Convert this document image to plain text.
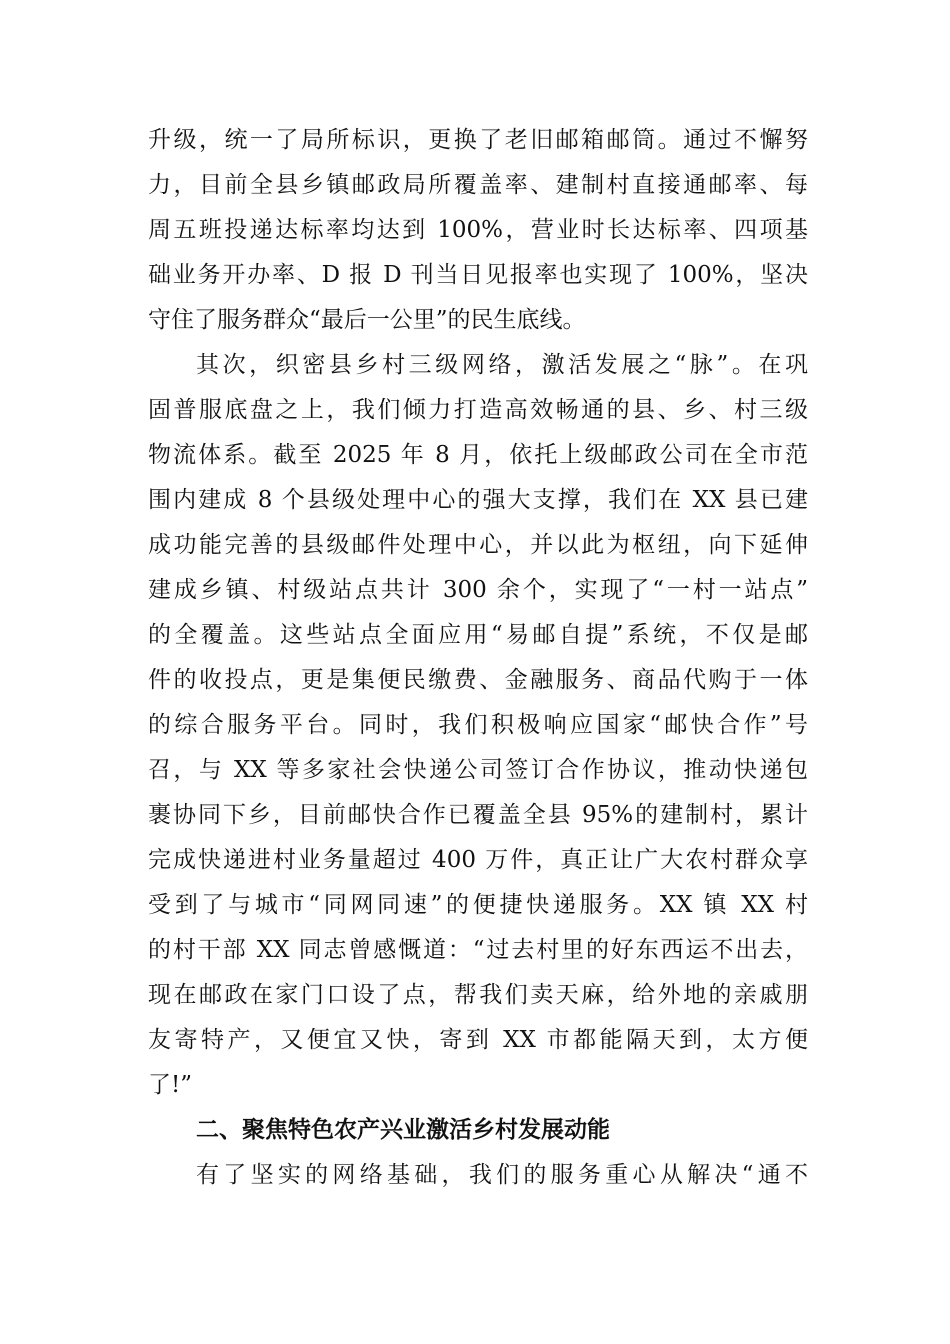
升级，统一了局所标识，更换了老旧邮箱邮筒。通过不懈努
力，目前全县乡镇邮政局所覆盖率、建制村直接通邮率、每
周五班投递达标率均达到 100%，营业时长达标率、四项基
础业务开办率、D 报 D 刊当日见报率也实现了 100%，坚决
守住了服务群众“最后一公里”的民生底线。
其次，织密县乡村三级网络，激活发展之“脉”。在巩
固普服底盘之上，我们倾力打造高效畅通的县、乡、村三级
物流体系。截至 2025 年 8 月，依托上级邮政公司在全市范
围内建成 8 个县级处理中心的强大支撑，我们在 XX 县已建
成功能完善的县级邮件处理中心，并以此为枢纽，向下延伸
建成乡镇、村级站点共计 300 余个，实现了“一村一站点”
的全覆盖。这些站点全面应用“易邮自提”系统，不仅是邮
件的收投点，更是集便民缴费、金融服务、商品代购于一体
的综合服务平台。同时，我们积极响应国家“邮快合作”号
召，与 XX 等多家社会快递公司签订合作协议，推动快递包
裹协同下乡，目前邮快合作已覆盖全县 95%的建制村，累计
完成快递进村业务量超过 400 万件，真正让广大农村群众享
受到了与城市“同网同速”的便捷快递服务。XX 镇 XX 村
的村干部 XX 同志曾感慨道：“过去村里的好东西运不出去，
现在邮政在家门口设了点，帮我们卖天麻，给外地的亲戚朋
友寄特产，又便宜又快，寄到 XX 市都能隔天到，太方便
了!”
二、聚焦特色农产兴业激活乡村发展动能
有了坚实的网络基础，我们的服务重心从解决“通不
